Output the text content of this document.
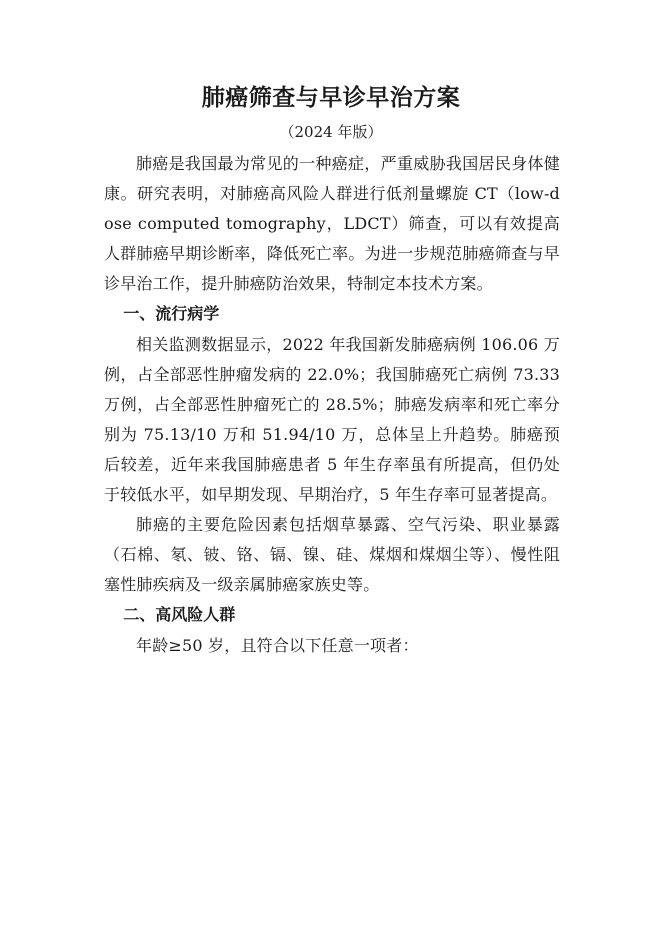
肺癌筛查与早诊早治方案
（2024 年版）

肺癌是我国最为常见的一种癌症，严重威胁我国居民身体健康。研究表明，对肺癌高风险人群进行低剂量螺旋 CT（low-dose computed tomography，LDCT）筛查，可以有效提高人群肺癌早期诊断率，降低死亡率。为进一步规范肺癌筛查与早诊早治工作，提升肺癌防治效果，特制定本技术方案。

一、流行病学

相关监测数据显示，2022 年我国新发肺癌病例 106.06 万例，占全部恶性肿瘤发病的 22.0%；我国肺癌死亡病例 73.33 万例，占全部恶性肿瘤死亡的 28.5%；肺癌发病率和死亡率分别为 75.13/10 万和 51.94/10 万，总体呈上升趋势。肺癌预后较差，近年来我国肺癌患者 5 年生存率虽有所提高，但仍处于较低水平，如早期发现、早期治疗，5 年生存率可显著提高。

肺癌的主要危险因素包括烟草暴露、空气污染、职业暴露（石棉、氡、铍、铬、镉、镍、硅、煤烟和煤烟尘等）、慢性阻塞性肺疾病及一级亲属肺癌家族史等。

二、高风险人群

年龄≥50 岁，且符合以下任意一项者：
